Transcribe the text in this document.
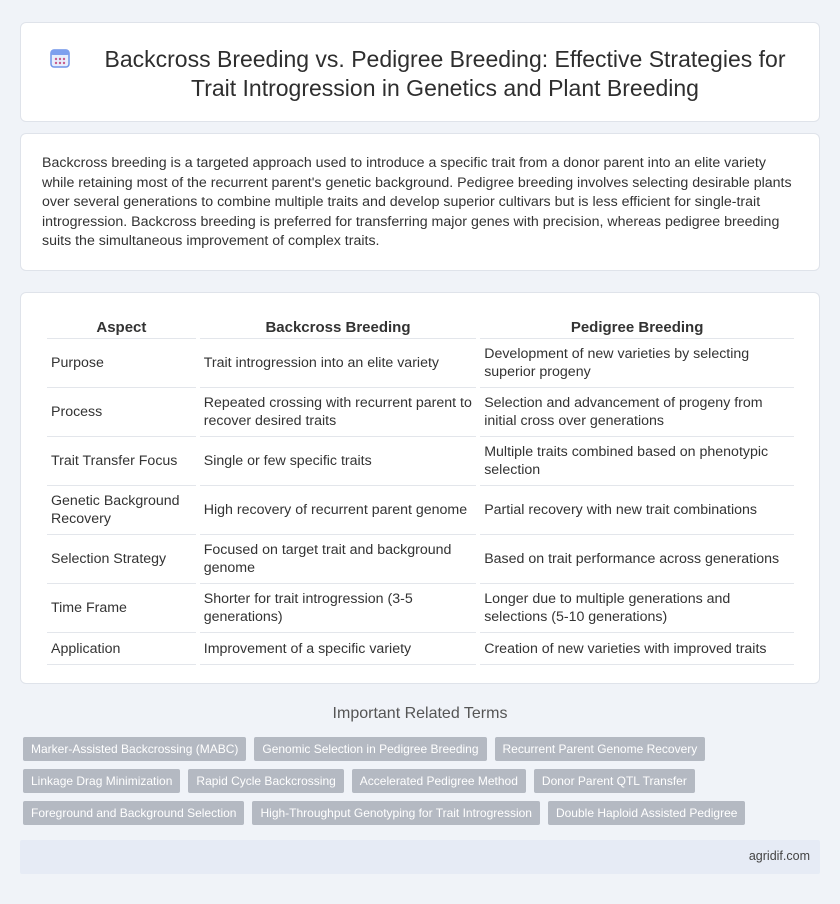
Backcross Breeding vs. Pedigree Breeding: Effective Strategies for Trait Introgression in Genetics and Plant Breeding

Backcross breeding is a targeted approach used to introduce a specific trait from a donor parent into an elite variety while retaining most of the recurrent parent's genetic background. Pedigree breeding involves selecting desirable plants over several generations to combine multiple traits and develop superior cultivars but is less efficient for single-trait introgression. Backcross breeding is preferred for transferring major genes with precision, whereas pedigree breeding suits the simultaneous improvement of complex traits.

Aspect	Backcross Breeding	Pedigree Breeding
Purpose	Trait introgression into an elite variety	Development of new varieties by selecting superior progeny
Process	Repeated crossing with recurrent parent to recover desired traits	Selection and advancement of progeny from initial cross over generations
Trait Transfer Focus	Single or few specific traits	Multiple traits combined based on phenotypic selection
Genetic Background Recovery	High recovery of recurrent parent genome	Partial recovery with new trait combinations
Selection Strategy	Focused on target trait and background genome	Based on trait performance across generations
Time Frame	Shorter for trait introgression (3-5 generations)	Longer due to multiple generations and selections (5-10 generations)
Application	Improvement of a specific variety	Creation of new varieties with improved traits
Important Related Terms
Marker-Assisted Backcrossing (MABC)	Genomic Selection in Pedigree Breeding	Recurrent Parent Genome Recovery
Linkage Drag Minimization	Rapid Cycle Backcrossing	Accelerated Pedigree Method	Donor Parent QTL Transfer
Foreground and Background Selection	High-Throughput Genotyping for Trait Introgression	Double Haploid Assisted Pedigree
agridif.com
